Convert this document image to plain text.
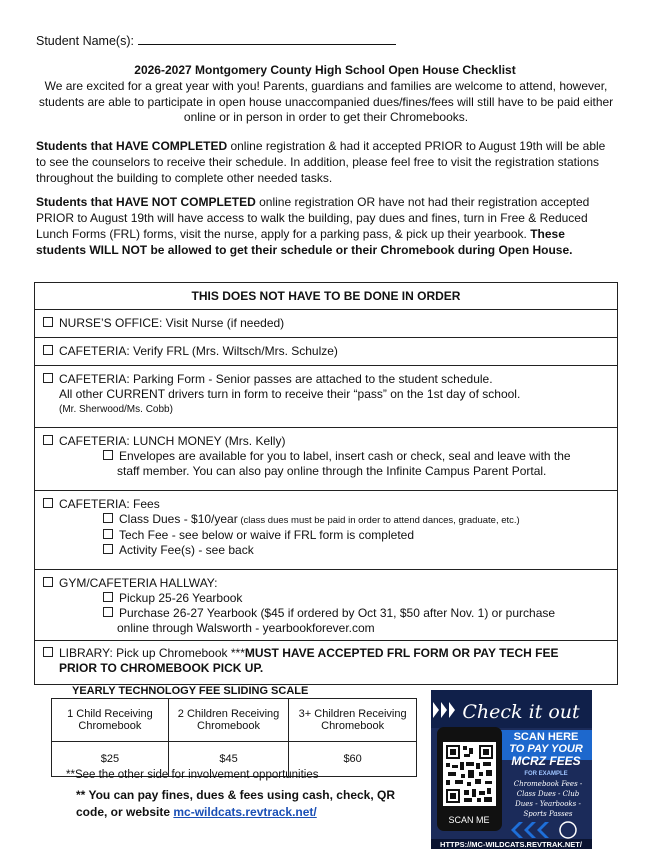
Student Name(s):
2026-2027 Montgomery County High School Open House Checklist
We are excited for a great year with you! Parents, guardians and families are welcome to attend, however, students are able to participate in open house unaccompanied dues/fines/fees will still have to be paid either online or in person in order to get their Chromebooks.
Students that HAVE COMPLETED online registration & had it accepted PRIOR to August 19th will be able to see the counselors to receive their schedule. In addition, please feel free to visit the registration stations throughout the building to complete other needed tasks.
Students that HAVE NOT COMPLETED online registration OR have not had their registration accepted PRIOR to August 19th will have access to walk the building, pay dues and fines, turn in Free & Reduced Lunch Forms (FRL) forms, visit the nurse, apply for a parking pass, & pick up their yearbook. These students WILL NOT be allowed to get their schedule or their Chromebook during Open House.
THIS DOES NOT HAVE TO BE DONE IN ORDER

NURSE’S OFFICE: Visit Nurse (if needed)

CAFETERIA: Verify FRL (Mrs. Wiltsch/Mrs. Schulze)

CAFETERIA: Parking Form - Senior passes are attached to the student schedule.
All other CURRENT drivers turn in form to receive their “pass” on the 1st day of school.
(Mr. Sherwood/Ms. Cobb)

CAFETERIA: LUNCH MONEY (Mrs. Kelly)
Envelopes are available for you to label, insert cash or check, seal and leave with the
staff member. You can also pay online through the Infinite Campus Parent Portal.

CAFETERIA: Fees
Class Dues - $10/year (class dues must be paid in order to attend dances, graduate, etc.)
Tech Fee - see below or waive if FRL form is completed
Activity Fee(s) - see back

GYM/CAFETERIA HALLWAY:
Pickup 25-26 Yearbook
Purchase 26-27 Yearbook ($45 if ordered by Oct 31, $50 after Nov. 1) or purchase
online through Walsworth - yearbookforever.com

LIBRARY: Pick up Chromebook ***MUST HAVE ACCEPTED FRL FORM OR PAY TECH FEE
PRIOR TO CHROMEBOOK PICK UP.
YEARLY TECHNOLOGY FEE SLIDING SCALE
1 Child Receiving Chromebook	2 Children Receiving Chromebook	3+ Children Receiving Chromebook
$25	$45	$60
**See the other side for involvement opportunities
** You can pay fines, dues & fees using cash, check, QR code, or website mc-wildcats.revtrack.net/
Check it out
SCAN ME
SCAN HERE
TO PAY YOUR
MCRZ FEES
FOR EXAMPLE
Chromebook Fees -
Class Dues - Club
Dues - Yearbooks -
Sports Passes
HTTPS://MC-WILDCATS.REVTRAK.NET/
